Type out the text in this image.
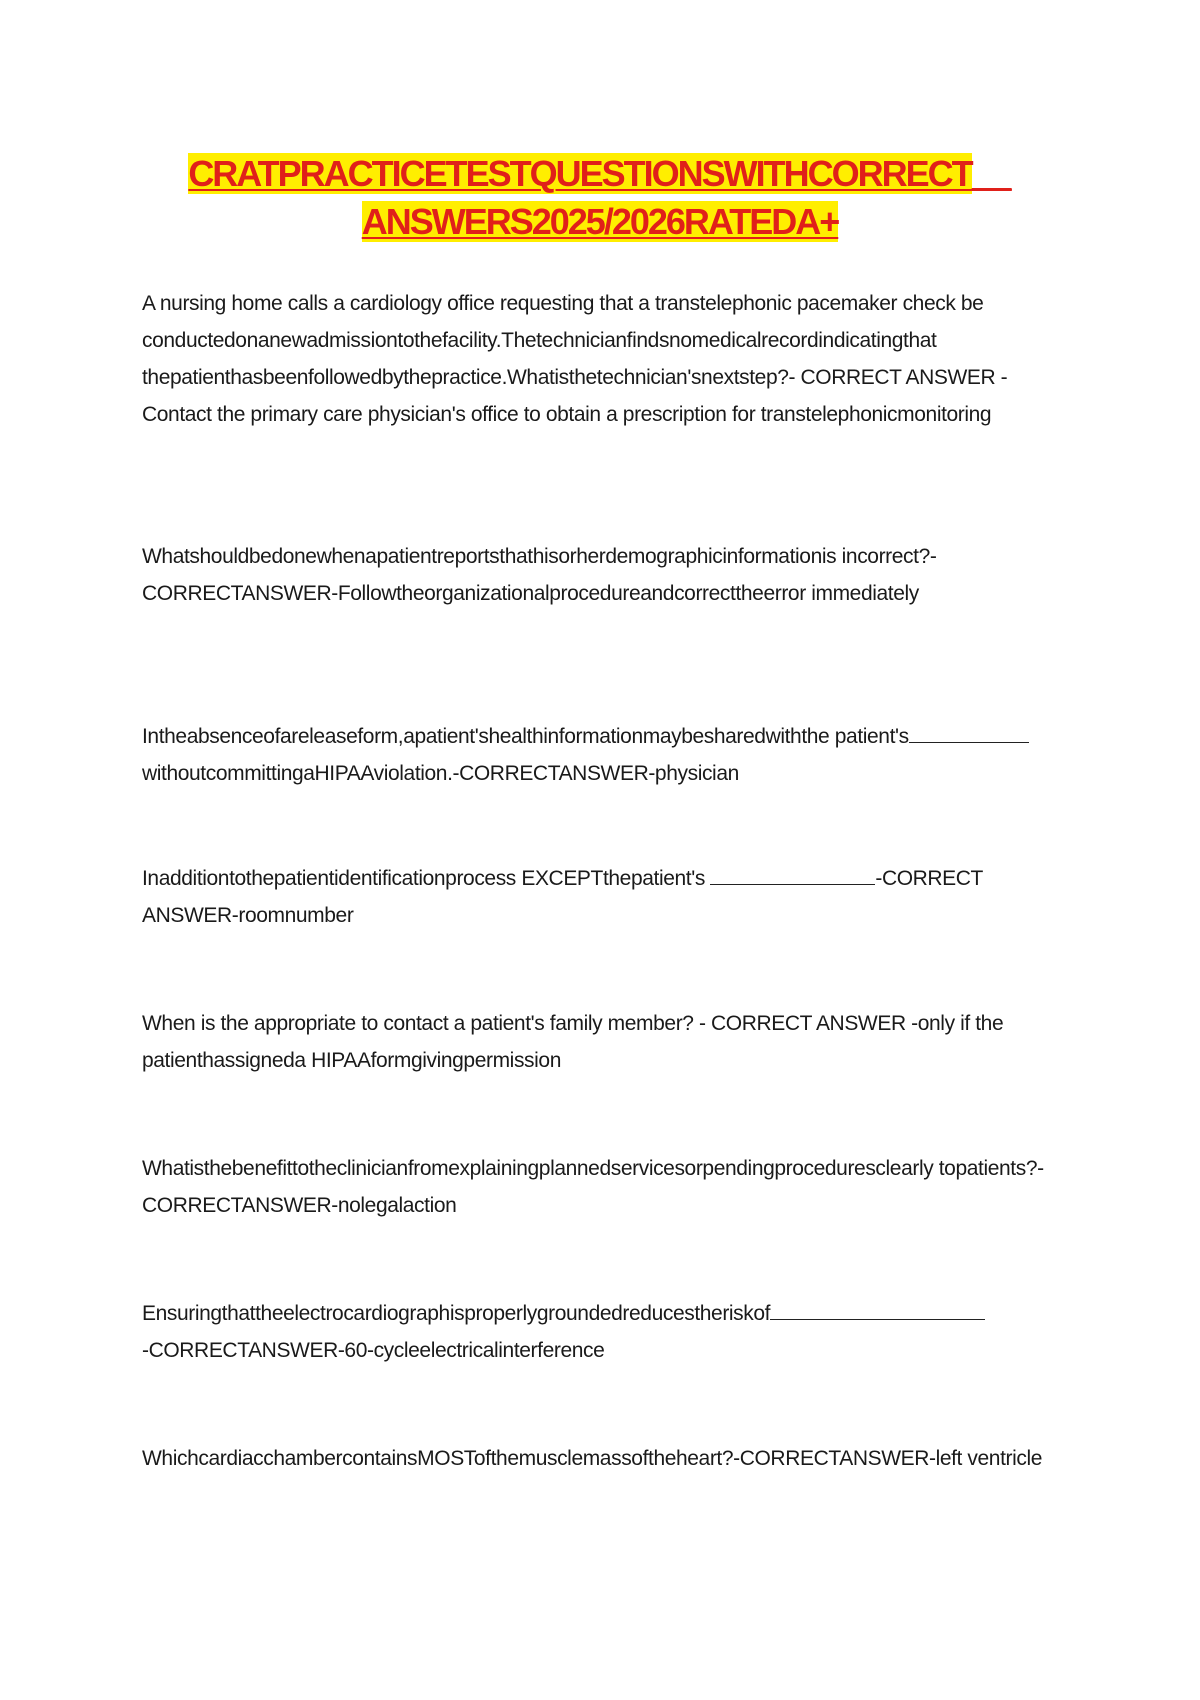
CRATPRACTICETESTQUESTIONSWITHCORRECT__
ANSWERS2025/2026RATEDA+
A nursing home calls a cardiology office requesting that a transtelephonic pacemaker check be conductedonanewadmissiontothefacility.Thetechnicianfindsnomedicalrecordindicatingthat thepatienthasbeenfollowedbythepractice.Whatisthetechnician'snextstep?- CORRECT ANSWER -Contact the primary care physician's office to obtain a prescription for transtelephonicmonitoring
Whatshouldbedonewhenapatientreportsthathisorherdemographicinformationis incorrect?-CORRECTANSWER-Followtheorganizationalprocedureandcorrecttheerror immediately
Intheabsenceofareleaseform,apatient'shealthinformationmaybesharedwiththe patient'swithoutcommittingaHIPAAviolation.-CORRECTANSWER-physician
Inadditiontothepatientidentificationprocess EXCEPTthepatient's	-CORRECT ANSWER-roomnumber
When is the appropriate to contact a patient's family member? - CORRECT ANSWER -only if the patienthassigneda HIPAAformgivingpermission
Whatisthebenefittotheclinicianfromexplainingplannedservicesorpendingproceduresclearly topatients?-CORRECTANSWER-nolegalaction
Ensuringthattheelectrocardiographisproperlygroundedreducestheriskof
-CORRECTANSWER-60-cycleelectricalinterference
WhichcardiacchambercontainsMOSTofthemusclemassoftheheart?-CORRECTANSWER-left ventricle
